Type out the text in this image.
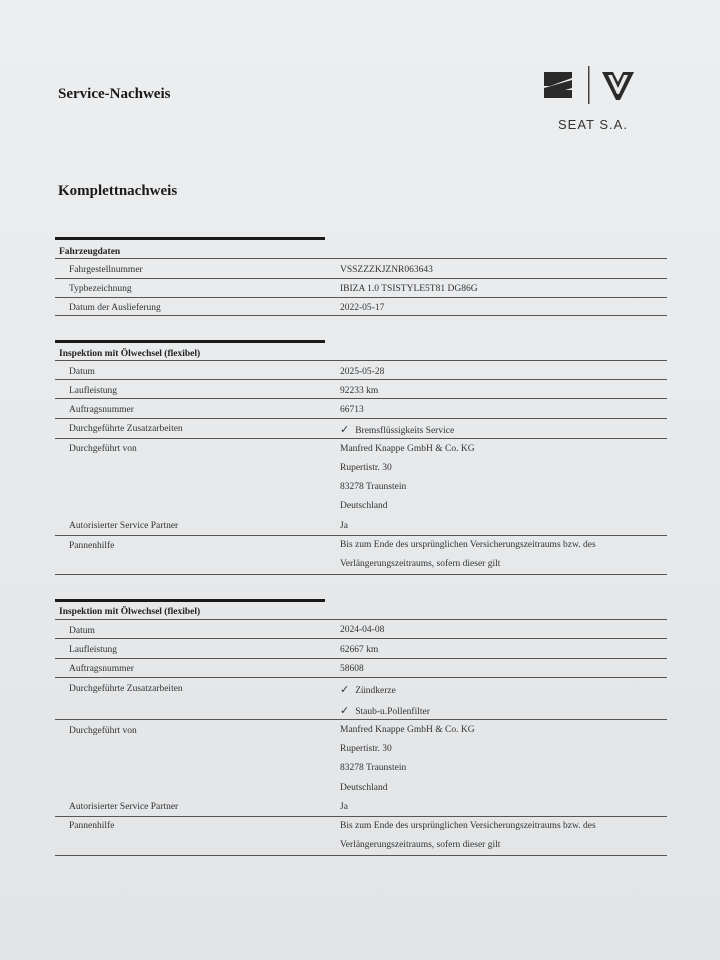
Service-Nachweis
SEAT S.A.
Komplettnachweis
Fahrzeugdaten
Fahrgestellnummer	VSSZZZKJZNR063643
Typbezeichnung	IBIZA 1.0 TSISTYLE5T81 DG86G
Datum der Auslieferung	2022-05-17
Inspektion mit Ölwechsel (flexibel)
Datum	2025-05-28
Laufleistung	92233 km
Auftragsnummer	66713
Durchgeführte Zusatzarbeiten	✓ Bremsflüssigkeits Service
Durchgeführt von	Manfred Knappe GmbH & Co. KG
Rupertistr. 30
83278 Traunstein
Deutschland
Autorisierter Service Partner	Ja
Pannenhilfe	Bis zum Ende des ursprünglichen Versicherungszeitraums bzw. des
Verlängerungszeitraums, sofern dieser gilt
Inspektion mit Ölwechsel (flexibel)
Datum	2024-04-08
Laufleistung	62667 km
Auftragsnummer	58608
Durchgeführte Zusatzarbeiten	✓ Zündkerze
✓ Staub-u.Pollenfilter
Durchgeführt von	Manfred Knappe GmbH & Co. KG
Rupertistr. 30
83278 Traunstein
Deutschland
Autorisierter Service Partner	Ja
Pannenhilfe	Bis zum Ende des ursprünglichen Versicherungszeitraums bzw. des
Verlängerungszeitraums, sofern dieser gilt
